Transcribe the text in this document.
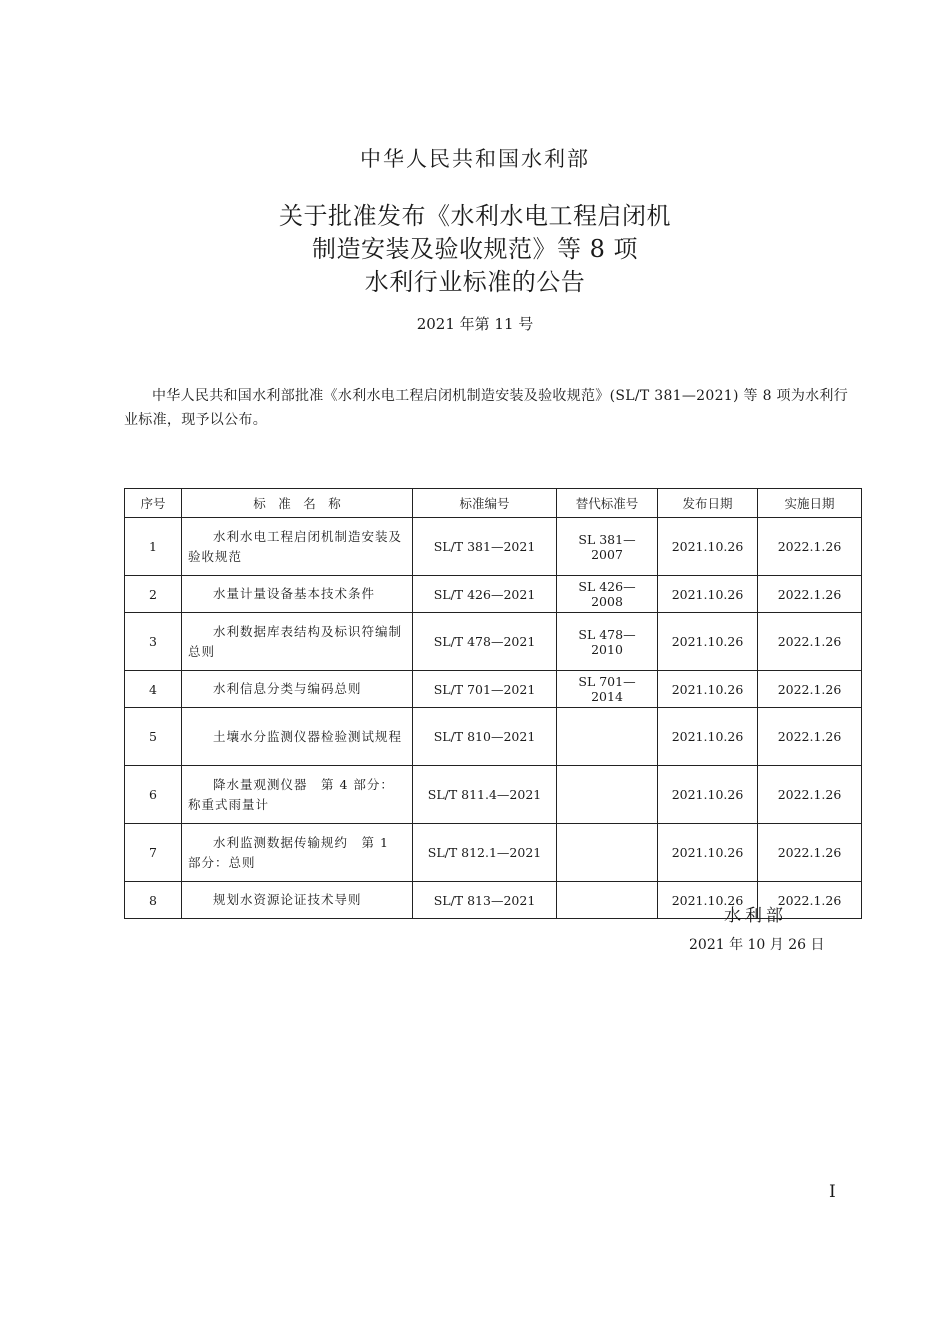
中华人民共和国水利部
关于批准发布《水利水电工程启闭机
制造安装及验收规范》等 8 项
水利行业标准的公告
2021 年第 11 号
中华人民共和国水利部批准《水利水电工程启闭机制造安装及验收规范》(SL/T 381—2021) 等 8 项为水利行业标准，现予以公布。
序号	标　准　名　称	标准编号	替代标准号	发布日期	实施日期
1	水利水电工程启闭机制造安装及验收规范	SL/T 381—2021	SL 381—2007	2021.10.26	2022.1.26
2	水量计量设备基本技术条件	SL/T 426—2021	SL 426—2008	2021.10.26	2022.1.26
3	水利数据库表结构及标识符编制总则	SL/T 478—2021	SL 478—2010	2021.10.26	2022.1.26
4	水利信息分类与编码总则	SL/T 701—2021	SL 701—2014	2021.10.26	2022.1.26
5	土壤水分监测仪器检验测试规程	SL/T 810—2021		2021.10.26	2022.1.26
6	降水量观测仪器　第 4 部分：称重式雨量计	SL/T 811.4—2021		2021.10.26	2022.1.26
7	水利监测数据传输规约　第 1 部分：总则	SL/T 812.1—2021		2021.10.26	2022.1.26
8	规划水资源论证技术导则	SL/T 813—2021		2021.10.26	2022.1.26
水利部
2021 年 10 月 26 日
I
